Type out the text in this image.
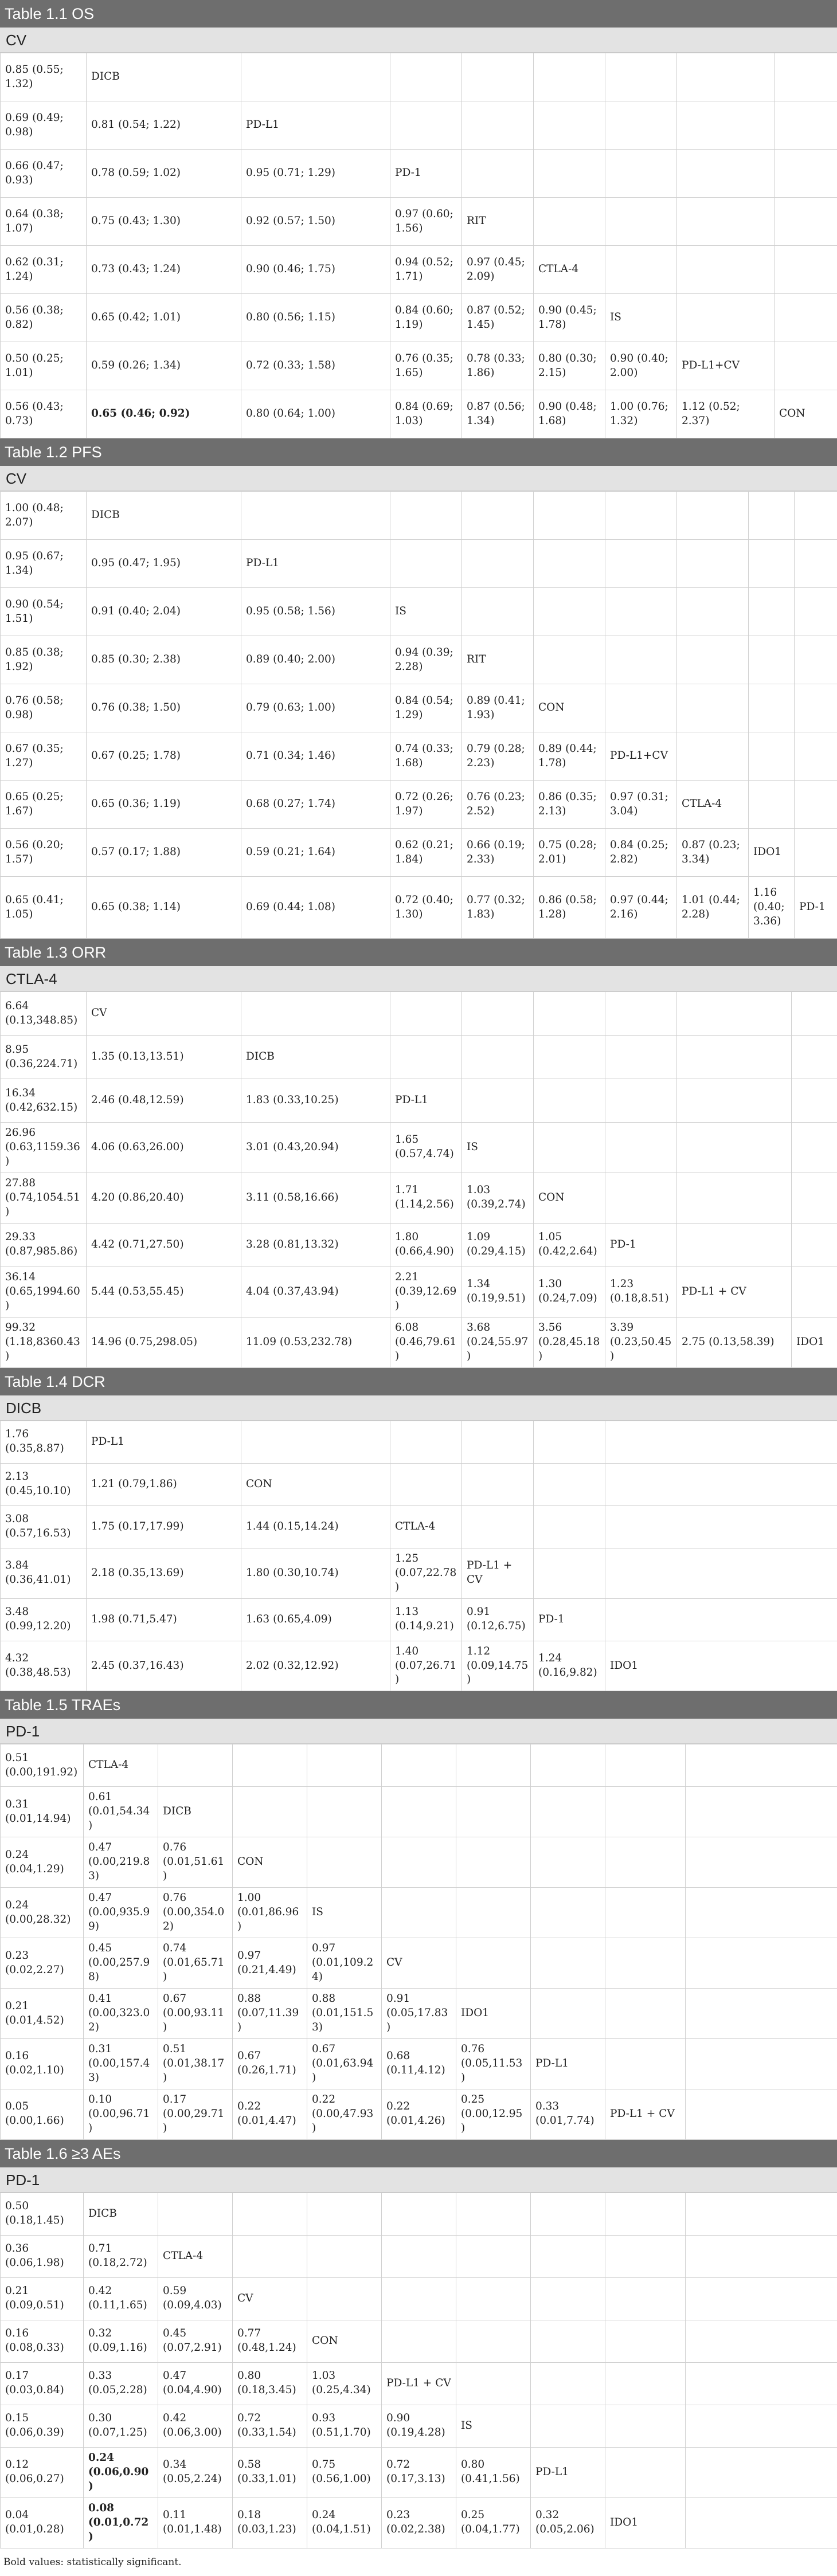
Table 1.1 OS
CV
0.85 (0.55; 1.32)	DICB							
0.69 (0.49; 0.98)	0.81 (0.54; 1.22)	PD-L1						
0.66 (0.47; 0.93)	0.78 (0.59; 1.02)	0.95 (0.71; 1.29)	PD-1					
0.64 (0.38; 1.07)	0.75 (0.43; 1.30)	0.92 (0.57; 1.50)	0.97 (0.60; 1.56)	RIT				
0.62 (0.31; 1.24)	0.73 (0.43; 1.24)	0.90 (0.46; 1.75)	0.94 (0.52; 1.71)	0.97 (0.45; 2.09)	CTLA-4			
0.56 (0.38; 0.82)	0.65 (0.42; 1.01)	0.80 (0.56; 1.15)	0.84 (0.60; 1.19)	0.87 (0.52; 1.45)	0.90 (0.45; 1.78)	IS		
0.50 (0.25; 1.01)	0.59 (0.26; 1.34)	0.72 (0.33; 1.58)	0.76 (0.35; 1.65)	0.78 (0.33; 1.86)	0.80 (0.30; 2.15)	0.90 (0.40; 2.00)	PD-L1+CV	
0.56 (0.43; 0.73)	0.65 (0.46; 0.92)	0.80 (0.64; 1.00)	0.84 (0.69; 1.03)	0.87 (0.56; 1.34)	0.90 (0.48; 1.68)	1.00 (0.76; 1.32)	1.12 (0.52; 2.37)	CON
Table 1.2 PFS
CV
1.00 (0.48; 2.07)	DICB								
0.95 (0.67; 1.34)	0.95 (0.47; 1.95)	PD-L1							
0.90 (0.54; 1.51)	0.91 (0.40; 2.04)	0.95 (0.58; 1.56)	IS						
0.85 (0.38; 1.92)	0.85 (0.30; 2.38)	0.89 (0.40; 2.00)	0.94 (0.39; 2.28)	RIT					
0.76 (0.58; 0.98)	0.76 (0.38; 1.50)	0.79 (0.63; 1.00)	0.84 (0.54; 1.29)	0.89 (0.41; 1.93)	CON				
0.67 (0.35; 1.27)	0.67 (0.25; 1.78)	0.71 (0.34; 1.46)	0.74 (0.33; 1.68)	0.79 (0.28; 2.23)	0.89 (0.44; 1.78)	PD-L1+CV			
0.65 (0.25; 1.67)	0.65 (0.36; 1.19)	0.68 (0.27; 1.74)	0.72 (0.26; 1.97)	0.76 (0.23; 2.52)	0.86 (0.35; 2.13)	0.97 (0.31; 3.04)	CTLA-4		
0.56 (0.20; 1.57)	0.57 (0.17; 1.88)	0.59 (0.21; 1.64)	0.62 (0.21; 1.84)	0.66 (0.19; 2.33)	0.75 (0.28; 2.01)	0.84 (0.25; 2.82)	0.87 (0.23; 3.34)	IDO1	
0.65 (0.41; 1.05)	0.65 (0.38; 1.14)	0.69 (0.44; 1.08)	0.72 (0.40; 1.30)	0.77 (0.32; 1.83)	0.86 (0.58; 1.28)	0.97 (0.44; 2.16)	1.01 (0.44; 2.28)	1.16 (0.40; 3.36)	PD-1
Table 1.3 ORR
CTLA-4
6.64 (0.13,348.85)	CV							
8.95 (0.36,224.71)	1.35 (0.13,13.51)	DICB						
16.34 (0.42,632.15)	2.46 (0.48,12.59)	1.83 (0.33,10.25)	PD-L1					
26.96 (0.63,1159.36)	4.06 (0.63,26.00)	3.01 (0.43,20.94)	1.65 (0.57,4.74)	IS				
27.88 (0.74,1054.51)	4.20 (0.86,20.40)	3.11 (0.58,16.66)	1.71 (1.14,2.56)	1.03 (0.39,2.74)	CON			
29.33 (0.87,985.86)	4.42 (0.71,27.50)	3.28 (0.81,13.32)	1.80 (0.66,4.90)	1.09 (0.29,4.15)	1.05 (0.42,2.64)	PD-1		
36.14 (0.65,1994.60)	5.44 (0.53,55.45)	4.04 (0.37,43.94)	2.21 (0.39,12.69)	1.34 (0.19,9.51)	1.30 (0.24,7.09)	1.23 (0.18,8.51)	PD-L1 + CV	
99.32 (1.18,8360.43)	14.96 (0.75,298.05)	11.09 (0.53,232.78)	6.08 (0.46,79.61)	3.68 (0.24,55.97)	3.56 (0.28,45.18)	3.39 (0.23,50.45)	2.75 (0.13,58.39)	IDO1
Table 1.4 DCR
DICB
1.76 (0.35,8.87)	PD-L1					
2.13 (0.45,10.10)	1.21 (0.79,1.86)	CON				
3.08 (0.57,16.53)	1.75 (0.17,17.99)	1.44 (0.15,14.24)	CTLA-4			
3.84 (0.36,41.01)	2.18 (0.35,13.69)	1.80 (0.30,10.74)	1.25 (0.07,22.78)	PD-L1 + CV		
3.48 (0.99,12.20)	1.98 (0.71,5.47)	1.63 (0.65,4.09)	1.13 (0.14,9.21)	0.91 (0.12,6.75)	PD-1	
4.32 (0.38,48.53)	2.45 (0.37,16.43)	2.02 (0.32,12.92)	1.40 (0.07,26.71)	1.12 (0.09,14.75)	1.24 (0.16,9.82)	IDO1
Table 1.5 TRAEs
PD-1
0.51 (0.00,191.92)	CTLA-4								
0.31 (0.01,14.94)	0.61 (0.01,54.34)	DICB							
0.24 (0.04,1.29)	0.47 (0.00,219.83)	0.76 (0.01,51.61)	CON						
0.24 (0.00,28.32)	0.47 (0.00,935.99)	0.76 (0.00,354.02)	1.00 (0.01,86.96)	IS					
0.23 (0.02,2.27)	0.45 (0.00,257.98)	0.74 (0.01,65.71)	0.97 (0.21,4.49)	0.97 (0.01,109.24)	CV				
0.21 (0.01,4.52)	0.41 (0.00,323.02)	0.67 (0.00,93.11)	0.88 (0.07,11.39)	0.88 (0.01,151.53)	0.91 (0.05,17.83)	IDO1			
0.16 (0.02,1.10)	0.31 (0.00,157.43)	0.51 (0.01,38.17)	0.67 (0.26,1.71)	0.67 (0.01,63.94)	0.68 (0.11,4.12)	0.76 (0.05,11.53)	PD-L1		
0.05 (0.00,1.66)	0.10 (0.00,96.71)	0.17 (0.00,29.71)	0.22 (0.01,4.47)	0.22 (0.00,47.93)	0.22 (0.01,4.26)	0.25 (0.00,12.95)	0.33 (0.01,7.74)	PD-L1 + CV	
Table 1.6 ≥3 AEs
PD-1
0.50 (0.18,1.45)	DICB								
0.36 (0.06,1.98)	0.71 (0.18,2.72)	CTLA-4							
0.21 (0.09,0.51)	0.42 (0.11,1.65)	0.59 (0.09,4.03)	CV						
0.16 (0.08,0.33)	0.32 (0.09,1.16)	0.45 (0.07,2.91)	0.77 (0.48,1.24)	CON					
0.17 (0.03,0.84)	0.33 (0.05,2.28)	0.47 (0.04,4.90)	0.80 (0.18,3.45)	1.03 (0.25,4.34)	PD-L1 + CV				
0.15 (0.06,0.39)	0.30 (0.07,1.25)	0.42 (0.06,3.00)	0.72 (0.33,1.54)	0.93 (0.51,1.70)	0.90 (0.19,4.28)	IS			
0.12 (0.06,0.27)	0.24 (0.06,0.90)	0.34 (0.05,2.24)	0.58 (0.33,1.01)	0.75 (0.56,1.00)	0.72 (0.17,3.13)	0.80 (0.41,1.56)	PD-L1		
0.04 (0.01,0.28)	0.08 (0.01,0.72)	0.11 (0.01,1.48)	0.18 (0.03,1.23)	0.24 (0.04,1.51)	0.23 (0.02,2.38)	0.25 (0.04,1.77)	0.32 (0.05,2.06)	IDO1	
Bold values: statistically significant.
